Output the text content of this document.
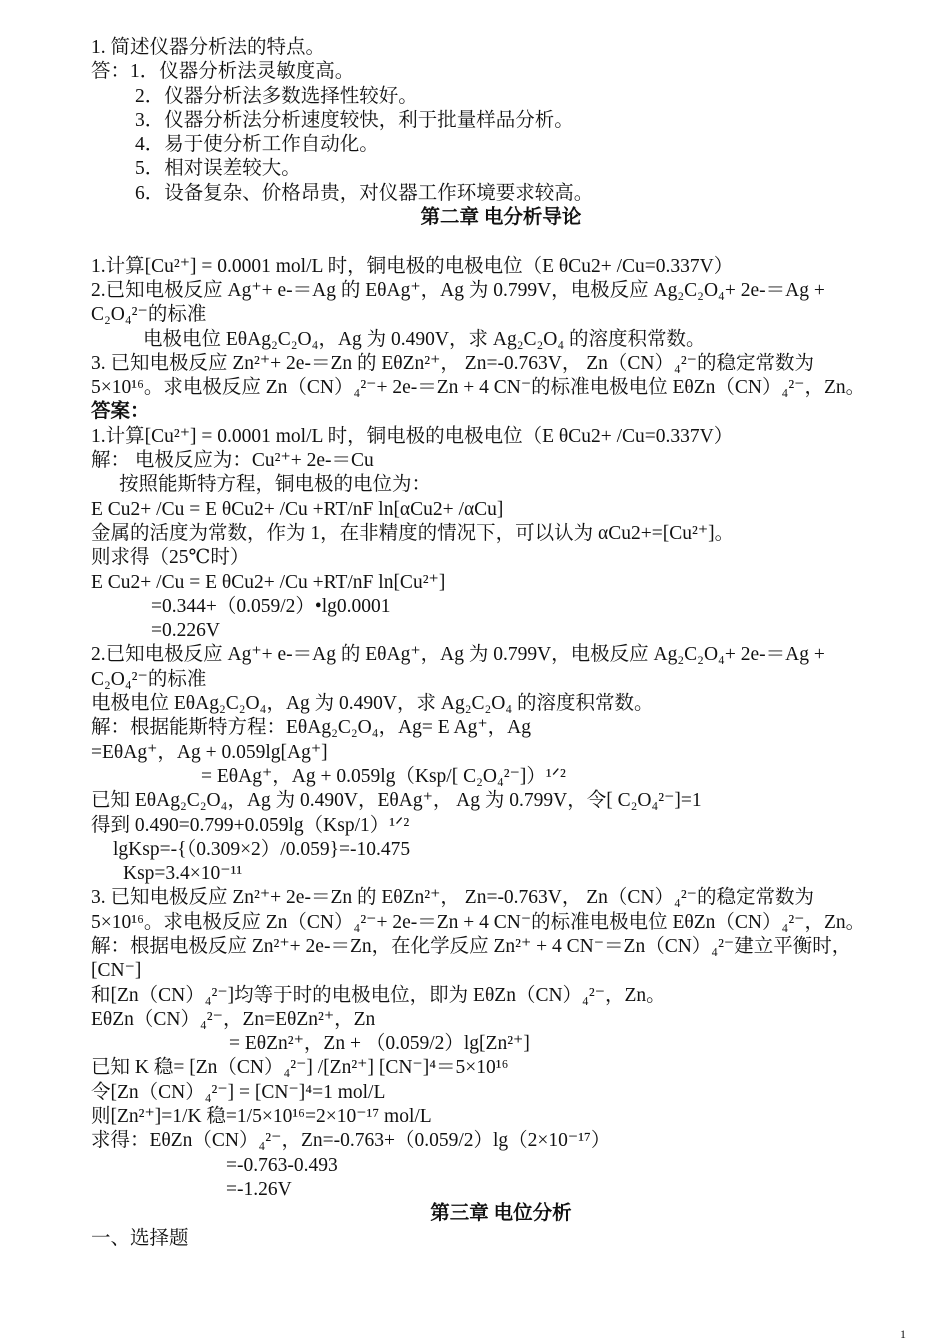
1. 简述仪器分析法的特点。
答：1．仪器分析法灵敏度高。
2．仪器分析法多数选择性较好。
3．仪器分析法分析速度较快，利于批量样品分析。
4．易于使分析工作自动化。
5．相对误差较大。
6．设备复杂、价格昂贵，对仪器工作环境要求较高。
第二章 电分析导论
1.计算[Cu²⁺] = 0.0001 mol/L 时，铜电极的电极电位（E θCu2+ /Cu=0.337V）
2.已知电极反应 Ag⁺+ e-＝Ag 的 EθAg⁺，Ag 为 0.799V，电极反应 Ag₂C₂O₄+ 2e-＝Ag +
C₂O₄²⁻的标准
电极电位 EθAg₂C₂O₄，Ag 为 0.490V，求 Ag₂C₂O₄ 的溶度积常数。
3. 已知电极反应 Zn²⁺+ 2e-＝Zn 的 EθZn²⁺， Zn=-0.763V， Zn（CN）₄²⁻的稳定常数为
5×10¹⁶。求电极反应 Zn（CN）₄²⁻+ 2e-＝Zn + 4 CN⁻的标准电极电位 EθZn（CN）₄²⁻，Zn。
答案：
1.计算[Cu²⁺] = 0.0001 mol/L 时，铜电极的电极电位（E θCu2+ /Cu=0.337V）
解： 电极反应为：Cu²⁺+ 2e-＝Cu
按照能斯特方程，铜电极的电位为：
E Cu2+ /Cu = E θCu2+ /Cu +RT/nF ln[αCu2+ /αCu]
金属的活度为常数，作为 1，在非精度的情况下，可以认为 αCu2+=[Cu²⁺]。
则求得（25℃时）
E Cu2+ /Cu = E θCu2+ /Cu +RT/nF ln[Cu²⁺]
=0.344+（0.059/2）•lg0.0001
=0.226V
2.已知电极反应 Ag⁺+ e-＝Ag 的 EθAg⁺，Ag 为 0.799V，电极反应 Ag₂C₂O₄+ 2e-＝Ag +
C₂O₄²⁻的标准
电极电位 EθAg₂C₂O₄，Ag 为 0.490V，求 Ag₂C₂O₄ 的溶度积常数。
解：根据能斯特方程：EθAg₂C₂O₄，Ag= E Ag⁺，Ag
=EθAg⁺，Ag + 0.059lg[Ag⁺]
= EθAg⁺，Ag + 0.059lg（Ksp/[ C₂O₄²⁻]）¹ᐟ²
已知 EθAg₂C₂O₄，Ag 为 0.490V，EθAg⁺， Ag 为 0.799V，令[ C₂O₄²⁻]=1
得到 0.490=0.799+0.059lg（Ksp/1）¹ᐟ²
lgKsp=-{（0.309×2）/0.059}=-10.475
Ksp=3.4×10⁻¹¹
3. 已知电极反应 Zn²⁺+ 2e-＝Zn 的 EθZn²⁺， Zn=-0.763V， Zn（CN）₄²⁻的稳定常数为
5×10¹⁶。求电极反应 Zn（CN）₄²⁻+ 2e-＝Zn + 4 CN⁻的标准电极电位 EθZn（CN）₄²⁻，Zn。
解：根据电极反应 Zn²⁺+ 2e-＝Zn，在化学反应 Zn²⁺ + 4 CN⁻＝Zn（CN）₄²⁻建立平衡时，
[CN⁻]
和[Zn（CN）₄²⁻]均等于时的电极电位，即为 EθZn（CN）₄²⁻，Zn。
EθZn（CN）₄²⁻，Zn=EθZn²⁺，Zn
= EθZn²⁺，Zn + （0.059/2）lg[Zn²⁺]
已知 K 稳= [Zn（CN）₄²⁻] /[Zn²⁺] [CN⁻]⁴＝5×10¹⁶
令[Zn（CN）₄²⁻] = [CN⁻]⁴=1 mol/L
则[Zn²⁺]=1/K 稳=1/5×10¹⁶=2×10⁻¹⁷ mol/L
求得：EθZn（CN）₄²⁻，Zn=-0.763+（0.059/2）lg（2×10⁻¹⁷）
=-0.763-0.493
=-1.26V
第三章 电位分析
一、选择题
1
